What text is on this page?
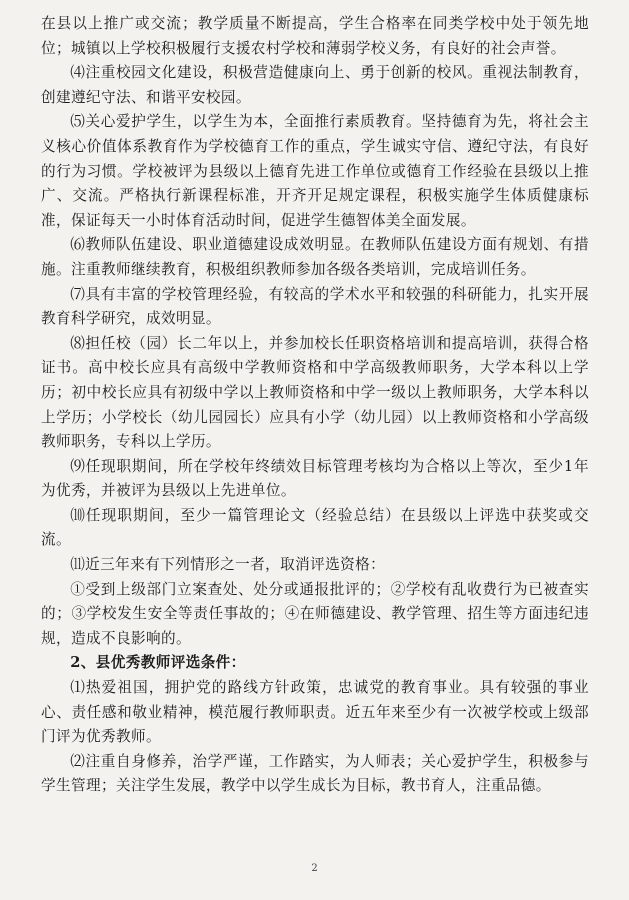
在县以上推广或交流；教学质量不断提高，学生合格率在同类学校中处于领先地位；城镇以上学校积极履行支援农村学校和薄弱学校义务，有良好的社会声誉。

⑷注重校园文化建设，积极营造健康向上、勇于创新的校风。重视法制教育，创建遵纪守法、和谐平安校园。

⑸关心爱护学生，以学生为本，全面推行素质教育。坚持德育为先，将社会主义核心价值体系教育作为学校德育工作的重点，学生诚实守信、遵纪守法，有良好的行为习惯。学校被评为县级以上德育先进工作单位或德育工作经验在县级以上推广、交流。严格执行新课程标准，开齐开足规定课程，积极实施学生体质健康标准，保证每天一小时体育活动时间，促进学生德智体美全面发展。

⑹教师队伍建设、职业道德建设成效明显。在教师队伍建设方面有规划、有措施。注重教师继续教育，积极组织教师参加各级各类培训，完成培训任务。

⑺具有丰富的学校管理经验，有较高的学术水平和较强的科研能力，扎实开展教育科学研究，成效明显。

⑻担任校（园）长二年以上，并参加校长任职资格培训和提高培训，获得合格证书。高中校长应具有高级中学教师资格和中学高级教师职务，大学本科以上学历；初中校长应具有初级中学以上教师资格和中学一级以上教师职务，大学本科以上学历；小学校长（幼儿园园长）应具有小学（幼儿园）以上教师资格和小学高级教师职务，专科以上学历。

⑼任现职期间，所在学校年终绩效目标管理考核均为合格以上等次，至少1年为优秀，并被评为县级以上先进单位。

⑽任现职期间，至少一篇管理论文（经验总结）在县级以上评选中获奖或交流。

⑾近三年来有下列情形之一者，取消评选资格：

①受到上级部门立案查处、处分或通报批评的；②学校有乱收费行为已被查实的；③学校发生安全等责任事故的；④在师德建设、教学管理、招生等方面违纪违规，造成不良影响的。

2、县优秀教师评选条件：

⑴热爱祖国，拥护党的路线方针政策，忠诚党的教育事业。具有较强的事业心、责任感和敬业精神，模范履行教师职责。近五年来至少有一次被学校或上级部门评为优秀教师。

⑵注重自身修养，治学严谨，工作踏实，为人师表；关心爱护学生，积极参与学生管理；关注学生发展，教学中以学生成长为目标，教书育人，注重品德。

2
